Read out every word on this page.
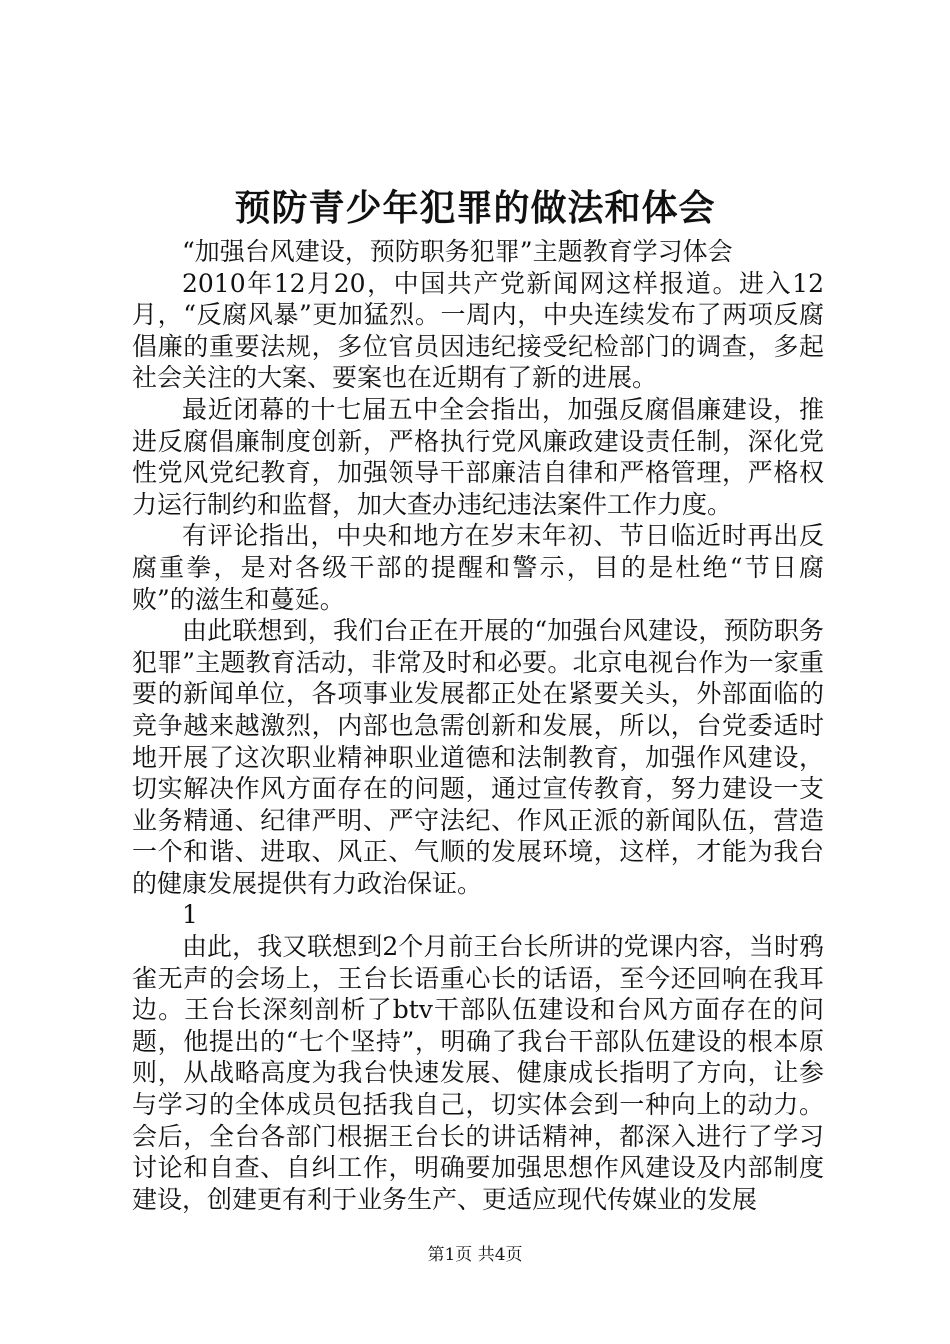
预防青少年犯罪的做法和体会

“加强台风建设，预防职务犯罪”主题教育学习体会

2010年12月20，中国共产党新闻网这样报道。进入12月，“反腐风暴”更加猛烈。一周内，中央连续发布了两项反腐倡廉的重要法规，多位官员因违纪接受纪检部门的调查，多起社会关注的大案、要案也在近期有了新的进展。

最近闭幕的十七届五中全会指出，加强反腐倡廉建设，推进反腐倡廉制度创新，严格执行党风廉政建设责任制，深化党性党风党纪教育，加强领导干部廉洁自律和严格管理，严格权力运行制约和监督，加大查办违纪违法案件工作力度。

有评论指出，中央和地方在岁末年初、节日临近时再出反腐重拳，是对各级干部的提醒和警示，目的是杜绝“节日腐败”的滋生和蔓延。

由此联想到，我们台正在开展的“加强台风建设，预防职务犯罪”主题教育活动，非常及时和必要。北京电视台作为一家重要的新闻单位，各项事业发展都正处在紧要关头，外部面临的竞争越来越激烈，内部也急需创新和发展，所以，台党委适时地开展了这次职业精神职业道德和法制教育，加强作风建设，切实解决作风方面存在的问题，通过宣传教育，努力建设一支业务精通、纪律严明、严守法纪、作风正派的新闻队伍，营造一个和谐、进取、风正、气顺的发展环境，这样，才能为我台的健康发展提供有力政治保证。

1

由此，我又联想到2个月前王台长所讲的党课内容，当时鸦雀无声的会场上，王台长语重心长的话语，至今还回响在我耳边。王台长深刻剖析了btv干部队伍建设和台风方面存在的问题，他提出的“七个坚持”，明确了我台干部队伍建设的根本原则，从战略高度为我台快速发展、健康成长指明了方向，让参与学习的全体成员包括我自己，切实体会到一种向上的动力。会后，全台各部门根据王台长的讲话精神，都深入进行了学习讨论和自查、自纠工作，明确要加强思想作风建设及内部制度建设，创建更有利于业务生产、更适应现代传媒业的发展

第1页 共4页
